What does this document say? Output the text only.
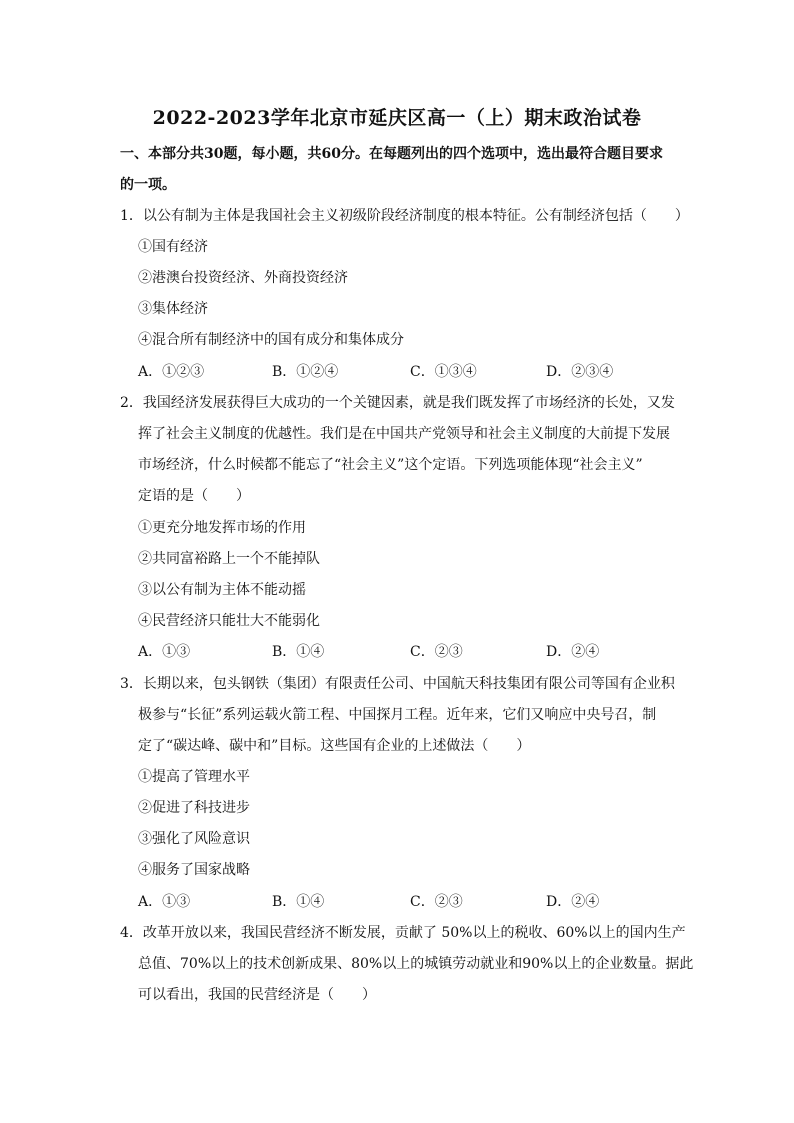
2022-2023学年北京市延庆区高一（上）期末政治试卷
一、本部分共30题，每小题，共60分。在每题列出的四个选项中，选出最符合题目要求
的一项。
1．以公有制为主体是我国社会主义初级阶段经济制度的根本特征。公有制经济包括（　　）
①国有经济
②港澳台投资经济、外商投资经济
③集体经济
④混合所有制经济中的国有成分和集体成分
A．①②③	B．①②④	C．①③④	D．②③④
2．我国经济发展获得巨大成功的一个关键因素，就是我们既发挥了市场经济的长处，又发
挥了社会主义制度的优越性。我们是在中国共产党领导和社会主义制度的大前提下发展
市场经济，什么时候都不能忘了“社会主义”这个定语。下列选项能体现“社会主义”
定语的是（　　）
①更充分地发挥市场的作用
②共同富裕路上一个不能掉队
③以公有制为主体不能动摇
④民营经济只能壮大不能弱化
A．①③	B．①④	C．②③	D．②④
3．长期以来，包头钢铁（集团）有限责任公司、中国航天科技集团有限公司等国有企业积
极参与“长征”系列运载火箭工程、中国探月工程。近年来，它们又响应中央号召，制
定了“碳达峰、碳中和”目标。这些国有企业的上述做法（　　）
①提高了管理水平
②促进了科技进步
③强化了风险意识
④服务了国家战略
A．①③	B．①④	C．②③	D．②④
4．改革开放以来，我国民营经济不断发展，贡献了 50%以上的税收、60%以上的国内生产
总值、70%以上的技术创新成果、80%以上的城镇劳动就业和90%以上的企业数量。据此
可以看出，我国的民营经济是（　　）
